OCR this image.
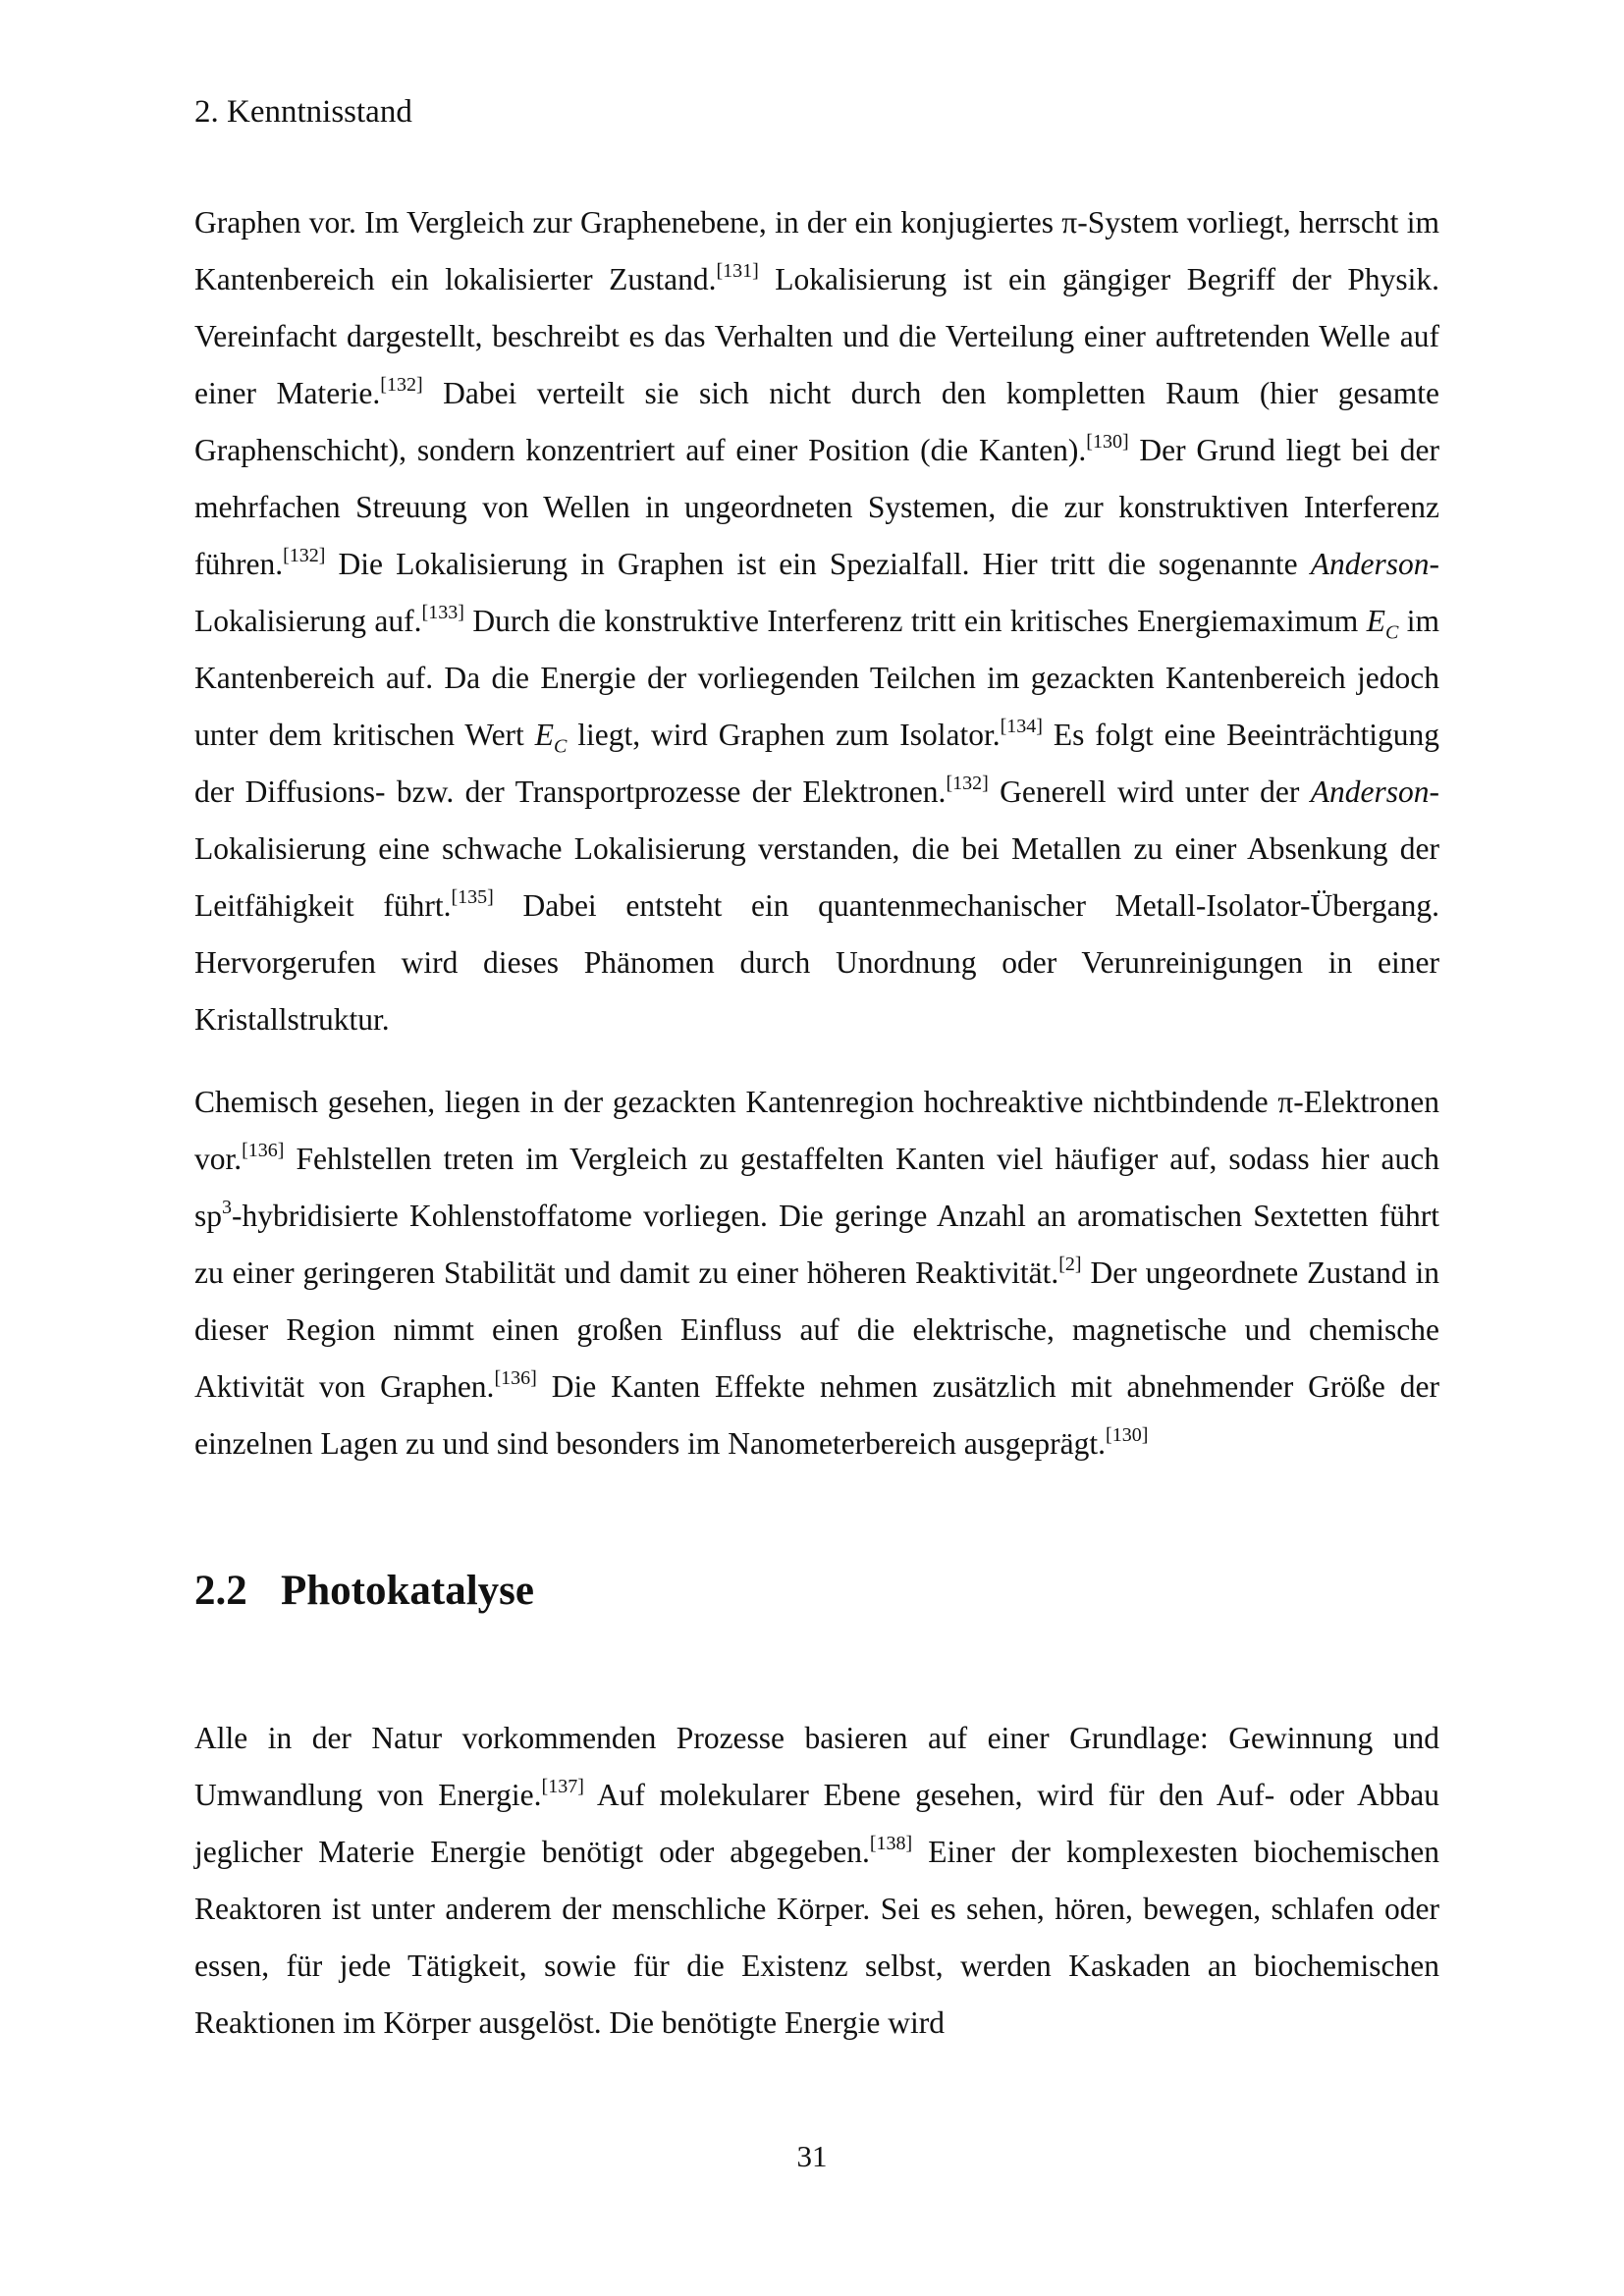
2. Kenntnisstand

Graphen vor. Im Vergleich zur Graphenebene, in der ein konjugiertes π-System vorliegt, herrscht im Kantenbereich ein lokalisierter Zustand.[131] Lokalisierung ist ein gängiger Begriff der Physik. Vereinfacht dargestellt, beschreibt es das Verhalten und die Verteilung einer auftretenden Welle auf einer Materie.[132] Dabei verteilt sie sich nicht durch den kompletten Raum (hier gesamte Graphenschicht), sondern konzentriert auf einer Position (die Kanten).[130] Der Grund liegt bei der mehrfachen Streuung von Wellen in ungeordneten Systemen, die zur konstruktiven Interferenz führen.[132] Die Lokalisierung in Graphen ist ein Spezialfall. Hier tritt die sogenannte Anderson-Lokalisierung auf.[133] Durch die konstruktive Interferenz tritt ein kritisches Energiemaximum $E_C$ im Kantenbereich auf. Da die Energie der vorliegenden Teilchen im gezackten Kantenbereich jedoch unter dem kritischen Wert $E_C$ liegt, wird Graphen zum Isolator.[134] Es folgt eine Beeinträchtigung der Diffusions- bzw. der Transportprozesse der Elektronen.[132] Generell wird unter der Anderson-Lokalisierung eine schwache Lokalisierung verstanden, die bei Metallen zu einer Absenkung der Leitfähigkeit führt.[135] Dabei entsteht ein quantenmechanischer Metall-Isolator-Übergang. Hervorgerufen wird dieses Phänomen durch Unordnung oder Verunreinigungen in einer Kristallstruktur.

Chemisch gesehen, liegen in der gezackten Kantenregion hochreaktive nichtbindende π-Elektronen vor.[136] Fehlstellen treten im Vergleich zu gestaffelten Kanten viel häufiger auf, sodass hier auch $sp^3$-hybridisierte Kohlenstoffatome vorliegen. Die geringe Anzahl an aromatischen Sextetten führt zu einer geringeren Stabilität und damit zu einer höheren Reaktivität.[2] Der ungeordnete Zustand in dieser Region nimmt einen großen Einfluss auf die elektrische, magnetische und chemische Aktivität von Graphen.[136] Die Kanten Effekte nehmen zusätzlich mit abnehmender Größe der einzelnen Lagen zu und sind besonders im Nanometerbereich ausgeprägt.[130]

2.2 Photokatalyse

Alle in der Natur vorkommenden Prozesse basieren auf einer Grundlage: Gewinnung und Umwandlung von Energie.[137] Auf molekularer Ebene gesehen, wird für den Auf- oder Abbau jeglicher Materie Energie benötigt oder abgegeben.[138] Einer der komplexesten biochemischen Reaktoren ist unter anderem der menschliche Körper. Sei es sehen, hören, bewegen, schlafen oder essen, für jede Tätigkeit, sowie für die Existenz selbst, werden Kaskaden an biochemischen Reaktionen im Körper ausgelöst. Die benötigte Energie wird

31
